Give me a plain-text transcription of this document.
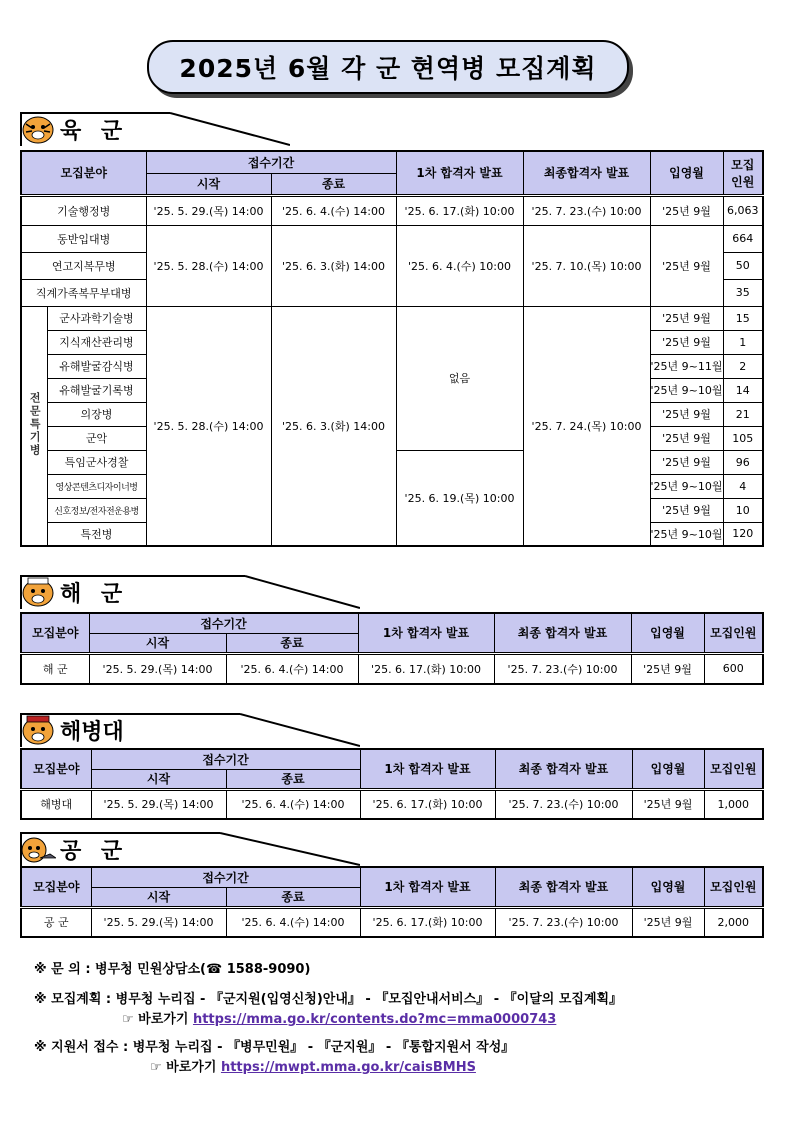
2025년 6월 각 군 현역병 모집계획
육 군
모집분야		접수기간		1차 합격자 발표	최종합격자 발표	입영월	모집
인원
		시작	종료				
기술행정병		'25. 5. 29.(목) 14:00	'25. 6. 4.(수) 14:00	'25. 6. 17.(화) 10:00	'25. 7. 23.(수) 10:00	'25년 9월	6,063
동반입대병		'25. 5. 28.(수) 14:00	'25. 6. 3.(화) 14:00	'25. 6. 4.(수) 10:00	'25. 7. 10.(목) 10:00	'25년 9월	664
연고지복무병							50
직계가족복무부대병							35
전문특기병	군사과학기술병	'25. 5. 28.(수) 14:00	'25. 6. 3.(화) 14:00	없음	'25. 7. 24.(목) 10:00	'25년 9월	15
	지식재산관리병					'25년 9월	1
	유해발굴감식병					'25년 9~11월	2
	유해발굴기록병					'25년 9~10월	14
	의장병					'25년 9월	21
	군악					'25년 9월	105
	특임군사경찰			'25. 6. 19.(목) 10:00		'25년 9월	96
	영상콘텐츠디자이너병					'25년 9~10월	4
	신호정보/전자전운용병					'25년 9월	10
	특전병					'25년 9~10월	120
해 군
모집분야	접수기간		1차 합격자 발표	최종 합격자 발표	입영월	모집인원
	시작	종료				
해 군	'25. 5. 29.(목) 14:00	'25. 6. 4.(수) 14:00	'25. 6. 17.(화) 10:00	'25. 7. 23.(수) 10:00	'25년 9월	600
해병대
모집분야	접수기간		1차 합격자 발표	최종 합격자 발표	입영월	모집인원
	시작	종료				
해병대	'25. 5. 29.(목) 14:00	'25. 6. 4.(수) 14:00	'25. 6. 17.(화) 10:00	'25. 7. 23.(수) 10:00	'25년 9월	1,000
공 군
모집분야	접수기간		1차 합격자 발표	최종 합격자 발표	입영월	모집인원
	시작	종료				
공 군	'25. 5. 29.(목) 14:00	'25. 6. 4.(수) 14:00	'25. 6. 17.(화) 10:00	'25. 7. 23.(수) 10:00	'25년 9월	2,000
※ 문 의 : 병무청 민원상담소(☎ 1588-9090)
※ 모집계획 : 병무청 누리집 - 『군지원(입영신청)안내』 - 『모집안내서비스』 - 『이달의 모집계획』
☞ 바로가기 https://mma.go.kr/contents.do?mc=mma0000743
※ 지원서 접수 : 병무청 누리집 - 『병무민원』 - 『군지원』 - 『통합지원서 작성』
☞ 바로가기 https://mwpt.mma.go.kr/caisBMHS
